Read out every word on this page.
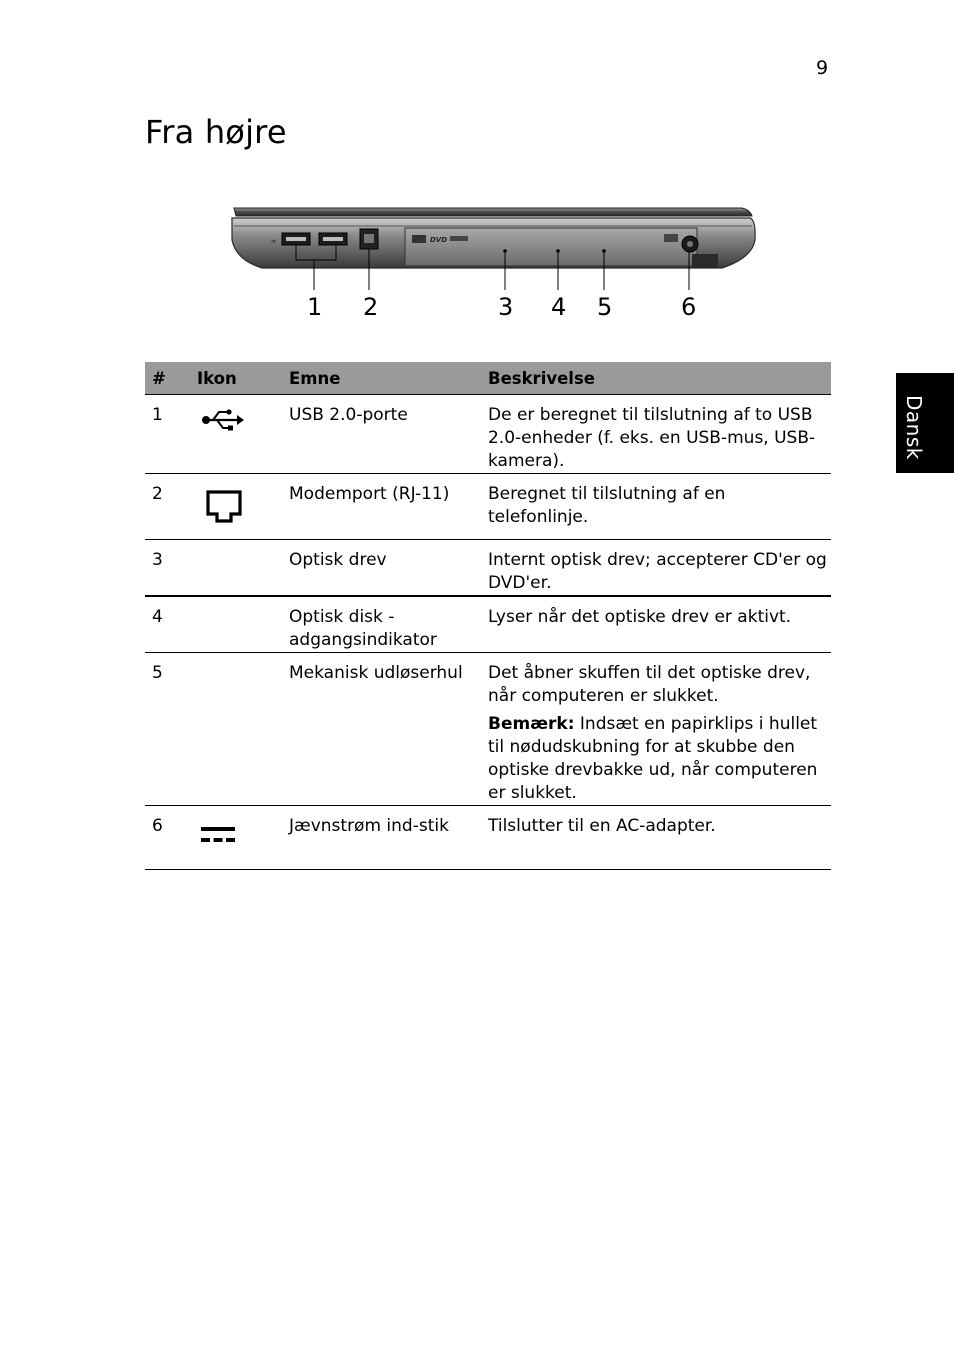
9
Fra højre
Dansk
◄	DVD
1 2	3 4 5	6
#	Ikon	Emne	Beskrivelse
1		USB 2.0-porte	De er beregnet til tilslutning af to USB 2.0-enheder (f. eks. en USB-mus, USB-kamera).
2		Modemport (RJ-11)	Beregnet til tilslutning af en telefonlinje.
3		Optisk drev	Internt optisk drev; accepterer CD'er og DVD'er.
4		Optisk disk - adgangsindikator	Lyser når det optiske drev er aktivt.
5		Mekanisk udløserhul	Det åbner skuffen til det optiske drev, når computeren er slukket.

Bemærk: Indsæt en papirklips i hullet til nødudskubning for at skubbe den optiske drevbakke ud, når computeren er slukket.

6		Jævnstrøm ind-stik	Tilslutter til en AC-adapter.
